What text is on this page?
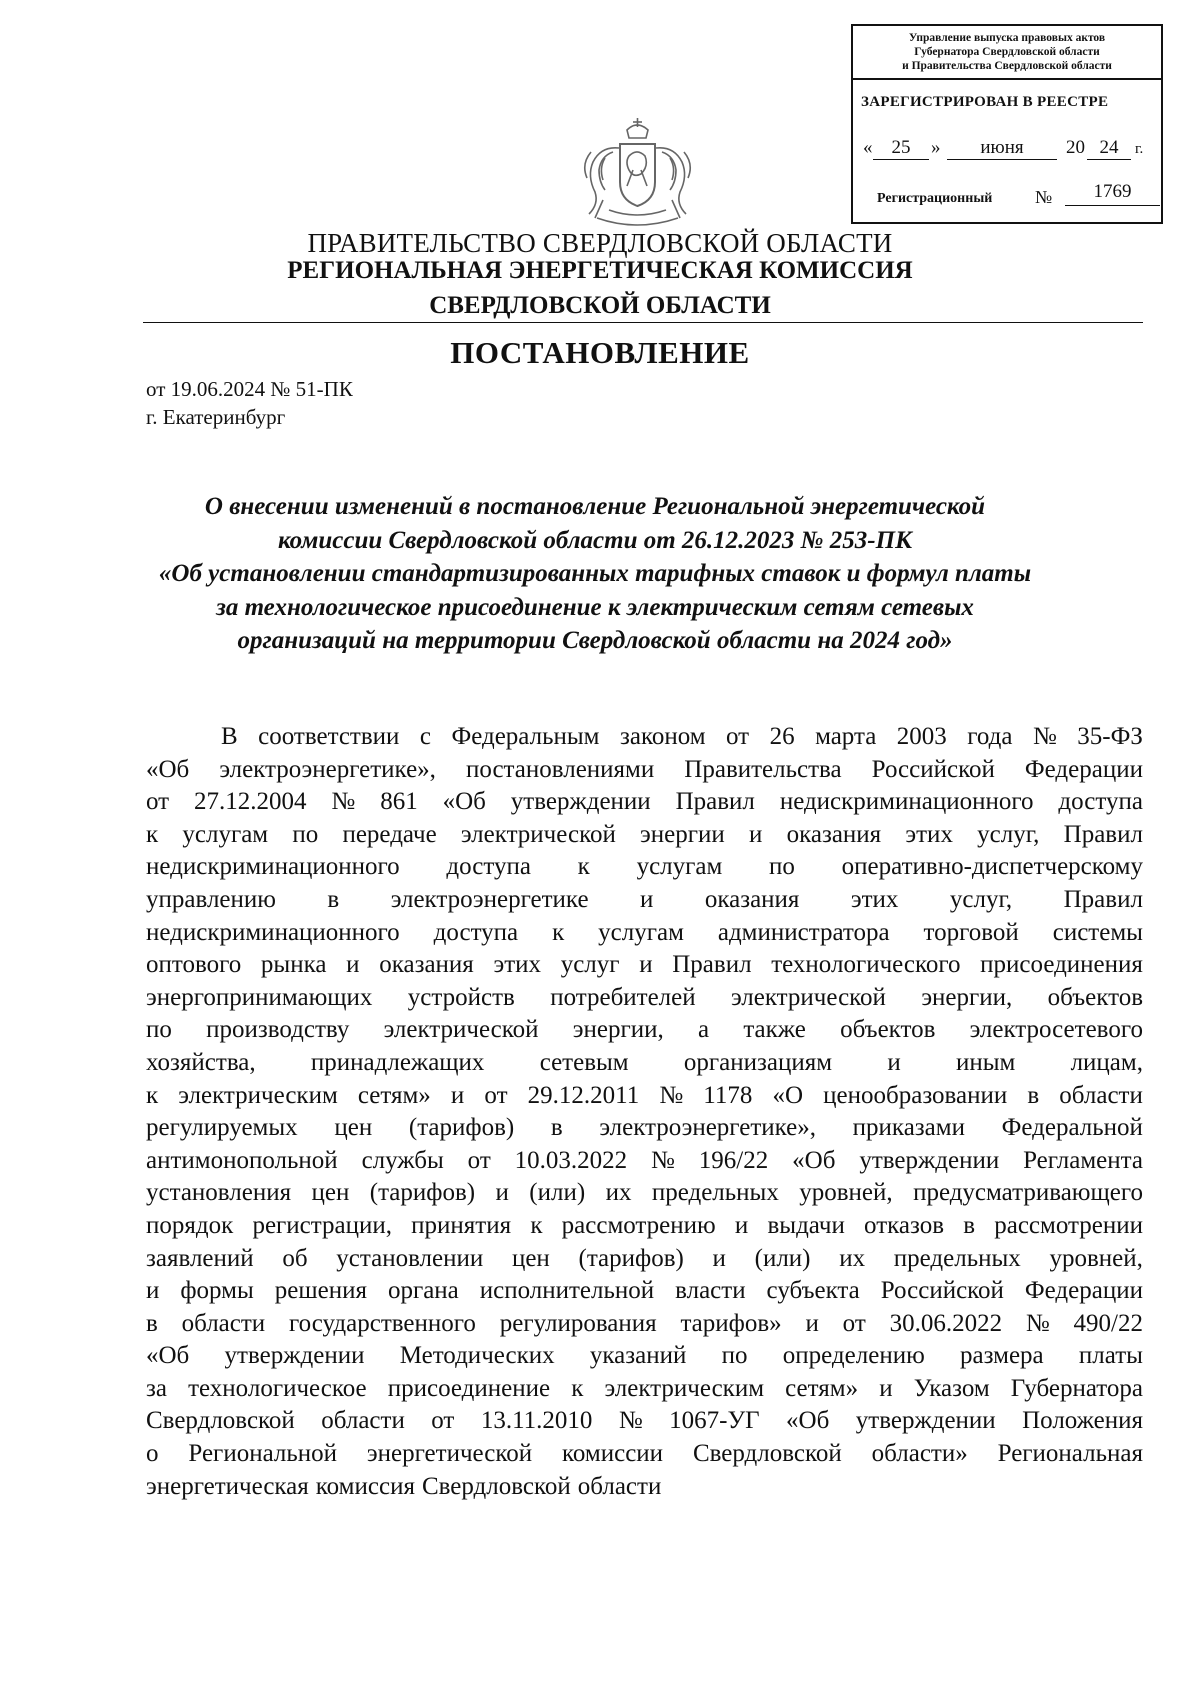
Управление выпуска правовых актов
Губернатора Свердловской области
и Правительства Свердловской области
ЗАРЕГИСТРИРОВАН В РЕЕСТРЕ
«	25	»	июня	20 24	г.
Регистрационный №	1769
ПРАВИТЕЛЬСТВО СВЕРДЛОВСКОЙ ОБЛАСТИ
РЕГИОНАЛЬНАЯ ЭНЕРГЕТИЧЕСКАЯ КОМИССИЯ
СВЕРДЛОВСКОЙ ОБЛАСТИ
ПОСТАНОВЛЕНИЕ
от 19.06.2024 № 51-ПК
г. Екатеринбург
О внесении изменений в постановление Региональной энергетической
комиссии Свердловской области от 26.12.2023 № 253-ПК
«Об установлении стандартизированных тарифных ставок и формул платы
за технологическое присоединение к электрическим сетям сетевых
организаций на территории Свердловской области на 2024 год»
В соответствии с Федеральным законом от 26 марта 2003 года № 35-ФЗ
«Об электроэнергетике», постановлениями Правительства Российской Федерации
от 27.12.2004 № 861 «Об утверждении Правил недискриминационного доступа
к услугам по передаче электрической энергии и оказания этих услуг, Правил
недискриминационного доступа к услугам по оперативно-диспетчерскому
управлению в электроэнергетике и оказания этих услуг, Правил
недискриминационного доступа к услугам администратора торговой системы
оптового рынка и оказания этих услуг и Правил технологического присоединения
энергопринимающих устройств потребителей электрической энергии, объектов
по производству электрической энергии, а также объектов электросетевого
хозяйства, принадлежащих сетевым организациям и иным лицам,
к электрическим сетям» и от 29.12.2011 № 1178 «О ценообразовании в области
регулируемых цен (тарифов) в электроэнергетике», приказами Федеральной
антимонопольной службы от 10.03.2022 № 196/22 «Об утверждении Регламента
установления цен (тарифов) и (или) их предельных уровней, предусматривающего
порядок регистрации, принятия к рассмотрению и выдачи отказов в рассмотрении
заявлений об установлении цен (тарифов) и (или) их предельных уровней,
и формы решения органа исполнительной власти субъекта Российской Федерации
в области государственного регулирования тарифов» и от 30.06.2022 № 490/22
«Об утверждении Методических указаний по определению размера платы
за технологическое присоединение к электрическим сетям» и Указом Губернатора
Свердловской области от 13.11.2010 № 1067-УГ «Об утверждении Положения
о Региональной энергетической комиссии Свердловской области» Региональная
энергетическая комиссия Свердловской области
